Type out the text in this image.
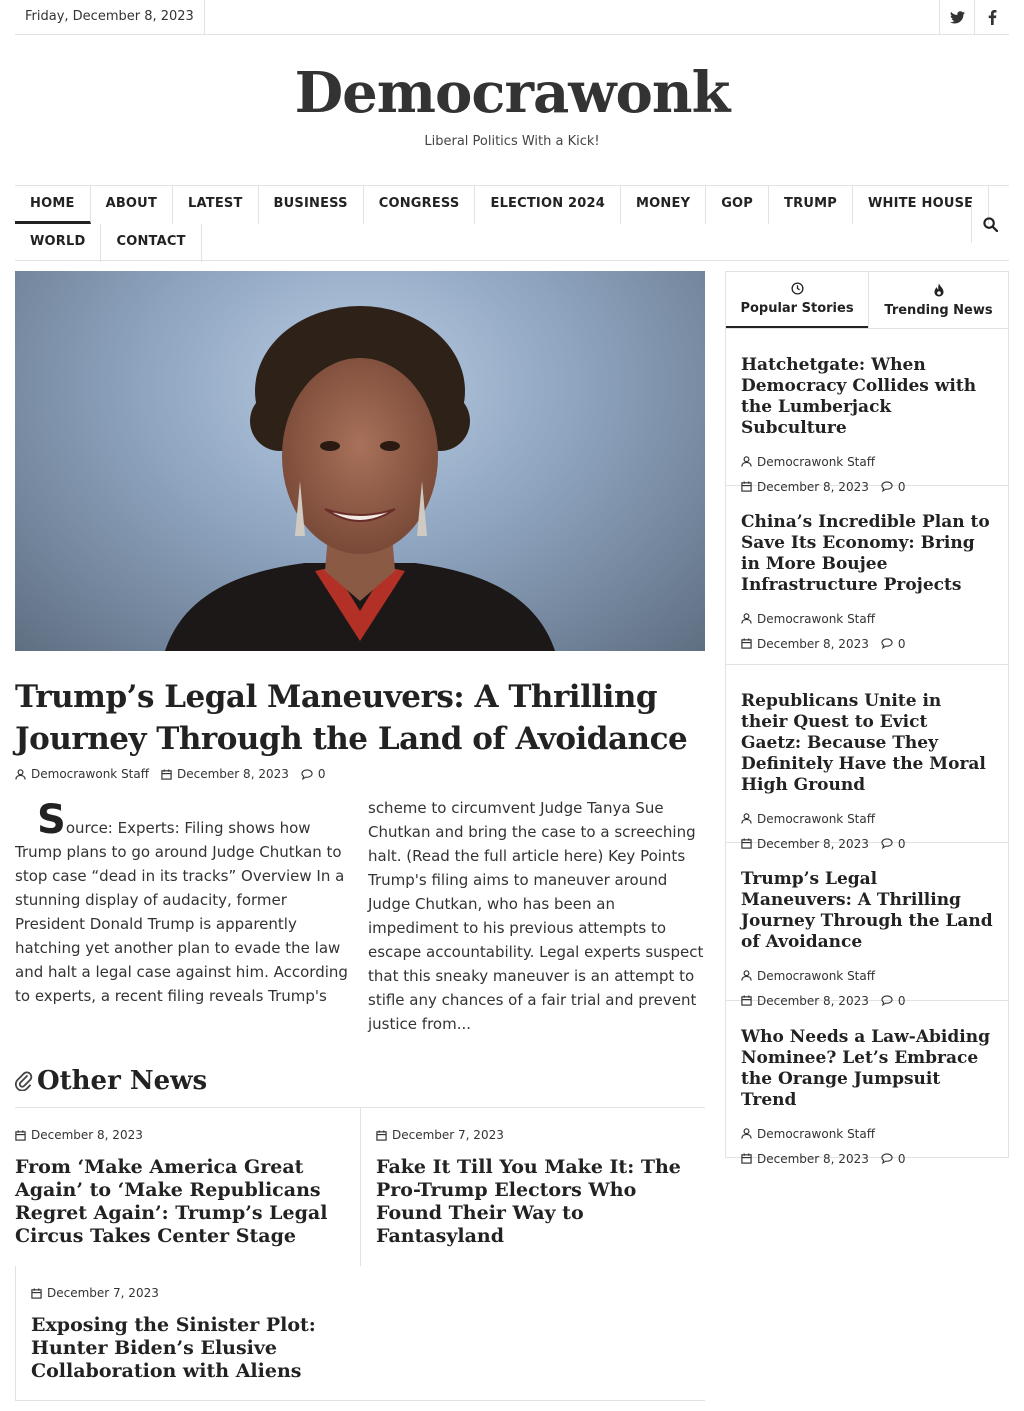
Friday, December 8, 2023
Democrawonk
Liberal Politics With a Kick!
HOME	ABOUT	LATEST	BUSINESS	CONGRESS	ELECTION 2024	MONEY	GOP	TRUMP	WHITE HOUSE
WORLD	CONTACT
Trump’s Legal Maneuvers: A Thrilling Journey Through the Land of Avoidance
Democrawonk Staff December 8, 2023 0
Source: Experts: Filing shows how
Trump plans to go around Judge Chutkan to stop case “dead in its tracks” Overview In a stunning display of audacity, former President Donald Trump is apparently hatching yet another plan to evade the law and halt a legal case against him. According to experts, a recent filing reveals Trump's
scheme to circumvent Judge Tanya Sue Chutkan and bring the case to a screeching halt. (Read the full article here) Key Points Trump's filing aims to maneuver around Judge Chutkan, who has been an impediment to his previous attempts to escape accountability. Legal experts suspect that this sneaky maneuver is an attempt to stifle any chances of a fair trial and prevent justice from...
Other News
December 8, 2023
From ‘Make America Great Again’ to ‘Make Republicans Regret Again’: Trump’s Legal Circus Takes Center Stage
December 7, 2023
Fake It Till You Make It: The Pro-Trump Electors Who Found Their Way to Fantasyland
December 7, 2023
Exposing the Sinister Plot: Hunter Biden’s Elusive Collaboration with Aliens
Popular Stories Trending News
Hatchetgate: When Democracy Collides with the Lumberjack Subculture
Democrawonk Staff
December 8, 2023 0
China’s Incredible Plan to Save Its Economy: Bring in More Boujee Infrastructure Projects
Democrawonk Staff
December 8, 2023 0
Republicans Unite in their Quest to Evict Gaetz: Because They Definitely Have the Moral High Ground
Democrawonk Staff
December 8, 2023 0
Trump’s Legal Maneuvers: A Thrilling Journey Through the Land of Avoidance
Democrawonk Staff
December 8, 2023 0
Who Needs a Law-Abiding Nominee? Let’s Embrace the Orange Jumpsuit Trend
Democrawonk Staff
December 8, 2023 0
